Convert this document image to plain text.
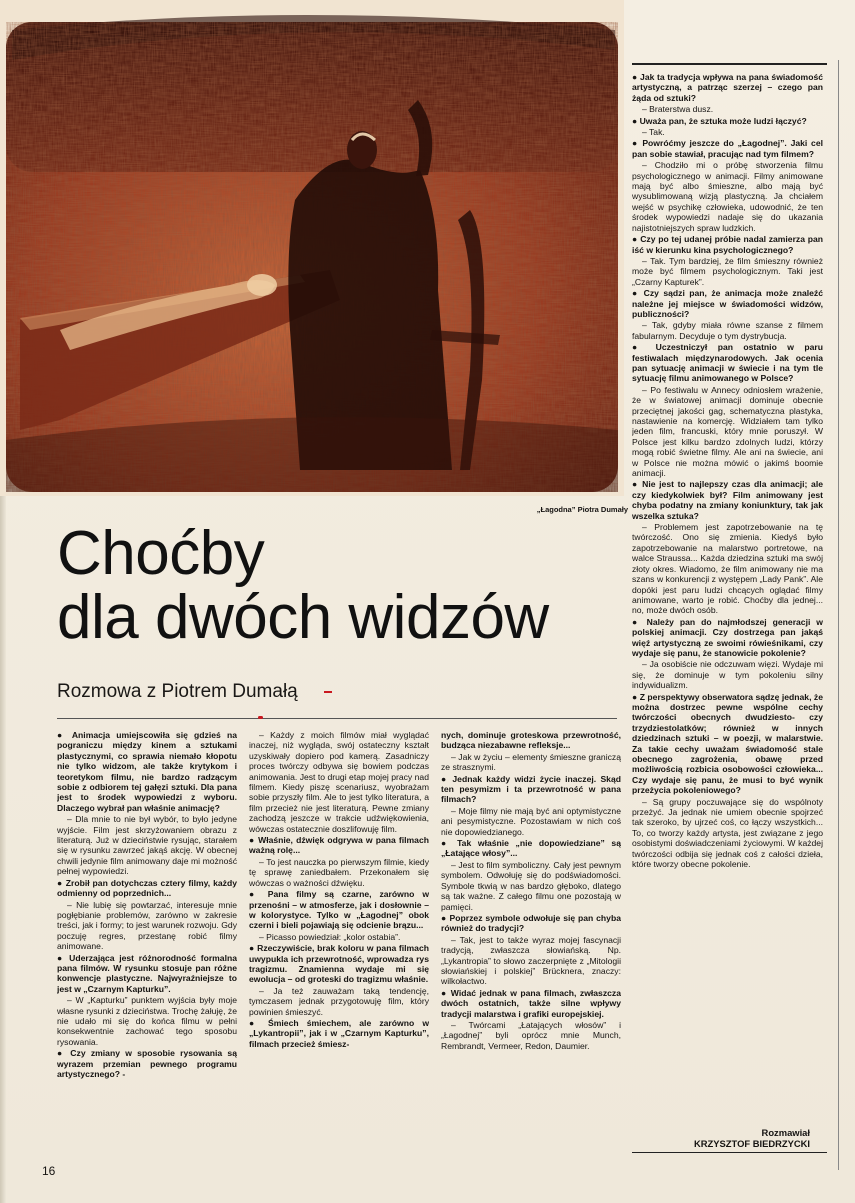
„Łagodna” Piotra Dumały
Choćby
dla dwóch widzów
Rozmowa z Piotrem Dumałą

● Animacja umiejscowiła się gdzieś na pograniczu między kinem a sztukami plastycznymi, co sprawia niemało kłopotu nie tylko widzom, ale także krytykom i teoretykom filmu, nie bardzo radzącym sobie z odbiorem tej gałęzi sztuki. Dla pana jest to środek wypowiedzi z wyboru. Dlaczego wybrał pan właśnie animację?

– Dla mnie to nie był wybór, to było jedyne wyjście. Film jest skrzyżowaniem obrazu z literaturą. Już w dzieciństwie rysując, starałem się w rysunku zawrzeć jakąś akcję. W obecnej chwili jedynie film animowany daje mi możność pełnej wypowiedzi.

● Zrobił pan dotychczas cztery filmy, każdy odmienny od poprzednich...

– Nie lubię się powtarzać, interesuje mnie pogłębianie problemów, zarówno w zakresie treści, jak i formy; to jest warunek rozwoju. Gdy poczuję regres, przestanę robić filmy animowane.

● Uderzająca jest różnorodność formalna pana filmów. W rysunku stosuje pan różne konwencje plastyczne. Najwyraźniejsze to jest w „Czarnym Kapturku”.

– W „Kapturku” punktem wyjścia były moje własne rysunki z dzieciństwa. Trochę żałuję, że nie udało mi się do końca filmu w pełni konsekwentnie zachować tego sposobu rysowania.

● Czy zmiany w sposobie rysowania są wyrazem przemian pewnego programu artystycznego? -

– Każdy z moich filmów miał wyglądać inaczej, niż wygląda, swój ostateczny kształt uzyskiwały dopiero pod kamerą. Zasadniczy proces twórczy odbywa się bowiem podczas animowania. Jest to drugi etap mojej pracy nad filmem. Kiedy piszę scenariusz, wyobrażam sobie przyszły film. Ale to jest tylko literatura, a film przecież nie jest literaturą. Pewne zmiany zachodzą jeszcze w trakcie udźwiękowienia, wówczas ostatecznie doszlifowuję film.

● Właśnie, dźwięk odgrywa w pana filmach ważną rolę...

– To jest nauczka po pierwszym filmie, kiedy tę sprawę zaniedbałem. Przekonałem się wówczas o ważności dźwięku.

● Pana filmy są czarne, zarówno w przenośni – w atmosferze, jak i dosłownie – w kolorystyce. Tylko w „Łagodnej” obok czerni i bieli pojawiają się odcienie brązu...

– Picasso powiedział: „kolor ostabia”.

● Rzeczywiście, brak koloru w pana filmach uwypukla ich przewrotność, wprowadza rys tragizmu. Znamienna wydaje mi się ewolucja – od groteski do tragizmu właśnie.

– Ja też zauważam taką tendencję, tymczasem jednak przygotowuję film, który powinien śmieszyć.

● Śmiech śmiechem, ale zarówno w „Lykantropii”, jak i w „Czarnym Kapturku”, filmach przecież śmiesz-

nych, dominuje groteskowa przewrotność, budząca niezabawne refleksje...

– Jak w życiu – elementy śmieszne graniczą ze strasznymi.

● Jednak każdy widzi życie inaczej. Skąd ten pesymizm i ta przewrotność w pana filmach?

– Moje filmy nie mają być ani optymistyczne ani pesymistyczne. Pozostawiam w nich coś nie dopowiedzianego.

● Tak właśnie „nie dopowiedziane” są „Łatające włosy”...

– Jest to film symboliczny. Cały jest pewnym symbolem. Odwołuję się do podświadomości. Symbole tkwią w nas bardzo głęboko, dlatego są tak ważne. Z całego filmu one pozostają w pamięci.

● Poprzez symbole odwołuje się pan chyba również do tradycji?

– Tak, jest to także wyraz mojej fascynacji tradycją, zwłaszcza słowiańską. Np. „Lykantropia” to słowo zaczerpnięte z „Mitologii słowiańskiej i polskiej” Brücknera, znaczy: wilkołactwo.

● Widać jednak w pana filmach, zwłaszcza dwóch ostatnich, także silne wpływy tradycji malarstwa i grafiki europejskiej.

– Twórcami „Łatających włosów” i „Łagodnej” byli oprócz mnie Munch, Rembrandt, Vermeer, Redon, Daumier.

● Jak ta tradycja wpływa na pana świadomość artystyczną, a patrząc szerzej – czego pan żąda od sztuki?

– Braterstwa dusz.

● Uważa pan, że sztuka może ludzi łączyć?

– Tak.

● Powróćmy jeszcze do „Łagodnej”. Jaki cel pan sobie stawiał, pracując nad tym filmem?

– Chodziło mi o próbę stworzenia filmu psychologicznego w animacji. Filmy animowane mają być albo śmieszne, albo mają być wysublimowaną wizją plastyczną. Ja chciałem wejść w psychikę człowieka, udowodnić, że ten środek wypowiedzi nadaje się do ukazania najistotniejszych spraw ludzkich.

● Czy po tej udanej próbie nadal zamierza pan iść w kierunku kina psychologicznego?

– Tak. Tym bardziej, że film śmieszny również może być filmem psychologicznym. Taki jest „Czarny Kapturek”.

● Czy sądzi pan, że animacja może znaleźć należne jej miejsce w świadomości widzów, publiczności?

– Tak, gdyby miała równe szanse z filmem fabularnym. Decyduje o tym dystrybucja.

● Uczestniczył pan ostatnio w paru festiwalach międzynarodowych. Jak ocenia pan sytuację animacji w świecie i na tym tle sytuację filmu animowanego w Polsce?

– Po festiwalu w Annecy odniosłem wrażenie, że w światowej animacji dominuje obecnie przeciętnej jakości gag, schematyczna plastyka, nastawienie na komercję. Widziałem tam tylko jeden film, francuski, który mnie poruszył. W Polsce jest kilku bardzo zdolnych ludzi, którzy mogą robić świetne filmy. Ale ani na świecie, ani w Polsce nie można mówić o jakimś boomie animacji.

● Nie jest to najlepszy czas dla animacji; ale czy kiedykolwiek był? Film animowany jest chyba podatny na zmiany koniunktury, tak jak wszelka sztuka?

– Problemem jest zapotrzebowanie na tę twórczość. Ono się zmienia. Kiedyś było zapotrzebowanie na malarstwo portretowe, na walce Straussa... Każda dziedzina sztuki ma swój złoty okres. Wiadomo, że film animowany nie ma szans w konkurencji z występem „Lady Pank”. Ale dopóki jest paru ludzi chcących oglądać filmy animowane, warto je robić. Choćby dla jednej... no, może dwóch osób.

● Należy pan do najmłodszej generacji w polskiej animacji. Czy dostrzega pan jakąś więź artystyczną ze swoimi rówieśnikami, czy wydaje się panu, że stanowicie pokolenie?

– Ja osobiście nie odczuwam więzi. Wydaje mi się, że dominuje w tym pokoleniu silny indywidualizm.

● Z perspektywy obserwatora sądzę jednak, że można dostrzec pewne wspólne cechy twórczości obecnych dwudziesto- czy trzydziestolatków; również w innych dziedzinach sztuki – w poezji, w malarstwie. Za takie cechy uważam świadomość stale obecnego zagrożenia, obawę przed możliwością rozbicia osobowości człowieka... Czy wydaje się panu, że musi to być wynik przeżycia pokoleniowego?

– Są grupy poczuwające się do wspólnoty przeżyć. Ja jednak nie umiem obecnie spojrzeć tak szeroko, by ujrzeć coś, co łączy wszystkich... To, co tworzy każdy artysta, jest związane z jego osobistymi doświadczeniami życiowymi. W każdej twórczości odbija się jednak coś z całości dzieła, które tworzy obecne pokolenie.

Rozmawiał
KRZYSZTOF BIEDRZYCKI
16
